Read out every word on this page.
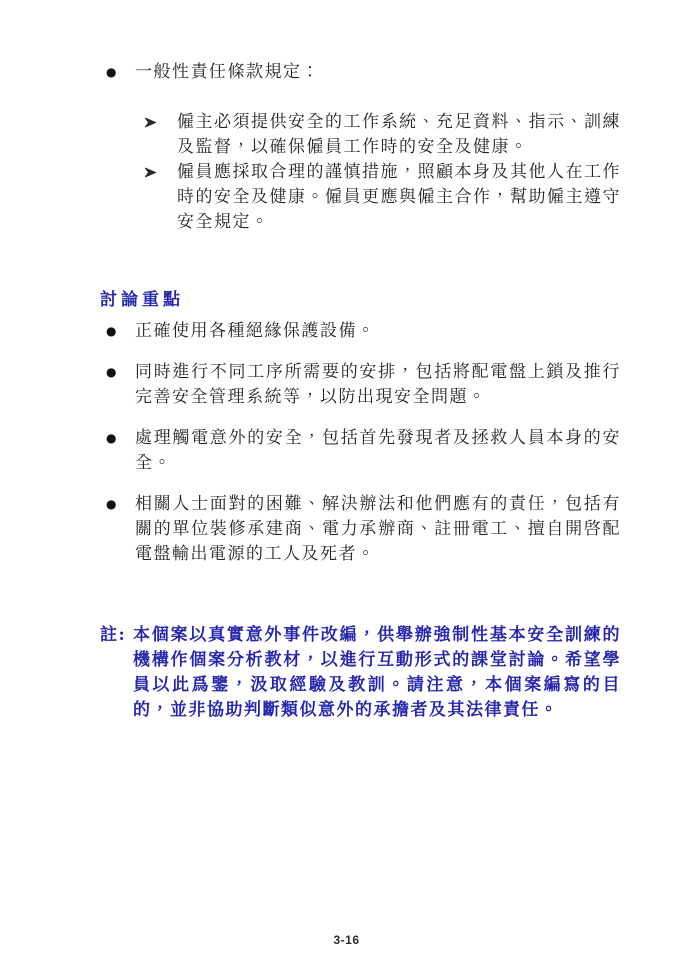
●	一般性責任條款規定：
僱主必須提供安全的工作系統、充足資料、指示、訓練及監督，以確保僱員工作時的安全及健康。
僱員應採取合理的謹慎措施，照顧本身及其他人在工作時的安全及健康。僱員更應與僱主合作，幫助僱主遵守安全規定。
討論重點
●	正確使用各種絕緣保護設備。
●	同時進行不同工序所需要的安排，包括將配電盤上鎖及推行完善安全管理系統等，以防出現安全問題。
●	處理觸電意外的安全，包括首先發現者及拯救人員本身的安全。
●	相關人士面對的困難、解決辦法和他們應有的責任，包括有關的單位裝修承建商、電力承辦商、註冊電工、擅自開啓配電盤輸出電源的工人及死者。
註: 本個案以真實意外事件改編，供舉辦強制性基本安全訓練的機構作個案分析教材，以進行互動形式的課堂討論。希望學員以此爲鑒，汲取經驗及教訓。請注意，本個案編寫的目的，並非協助判斷類似意外的承擔者及其法律責任。
3-16
